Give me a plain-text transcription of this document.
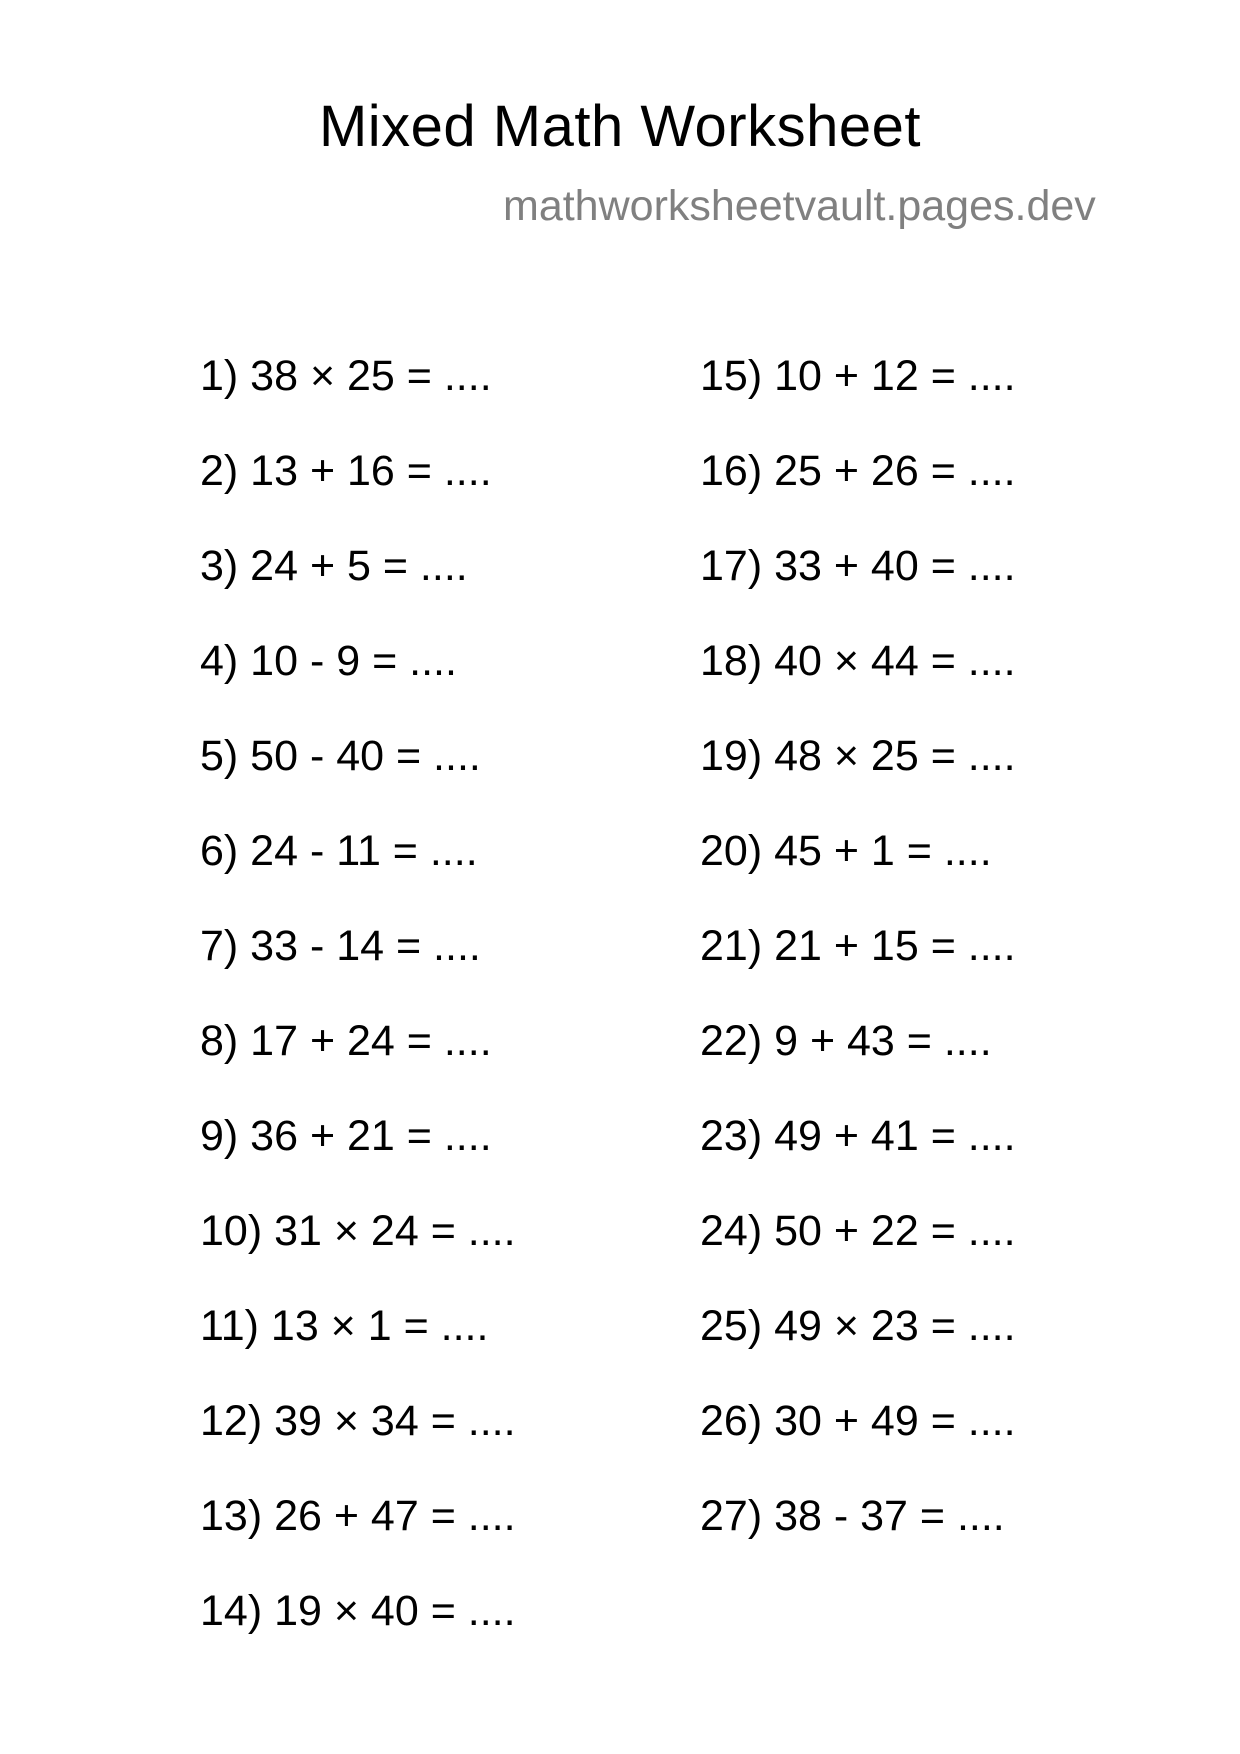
Mixed Math Worksheet
mathworksheetvault.pages.dev
1) 38 × 25 = ....
2) 13 + 16 = ....
3) 24 + 5 = ....
4) 10 - 9 = ....
5) 50 - 40 = ....
6) 24 - 11 = ....
7) 33 - 14 = ....
8) 17 + 24 = ....
9) 36 + 21 = ....
10) 31 × 24 = ....
11) 13 × 1 = ....
12) 39 × 34 = ....
13) 26 + 47 = ....
14) 19 × 40 = ....
15) 10 + 12 = ....
16) 25 + 26 = ....
17) 33 + 40 = ....
18) 40 × 44 = ....
19) 48 × 25 = ....
20) 45 + 1 = ....
21) 21 + 15 = ....
22) 9 + 43 = ....
23) 49 + 41 = ....
24) 50 + 22 = ....
25) 49 × 23 = ....
26) 30 + 49 = ....
27) 38 - 37 = ....
